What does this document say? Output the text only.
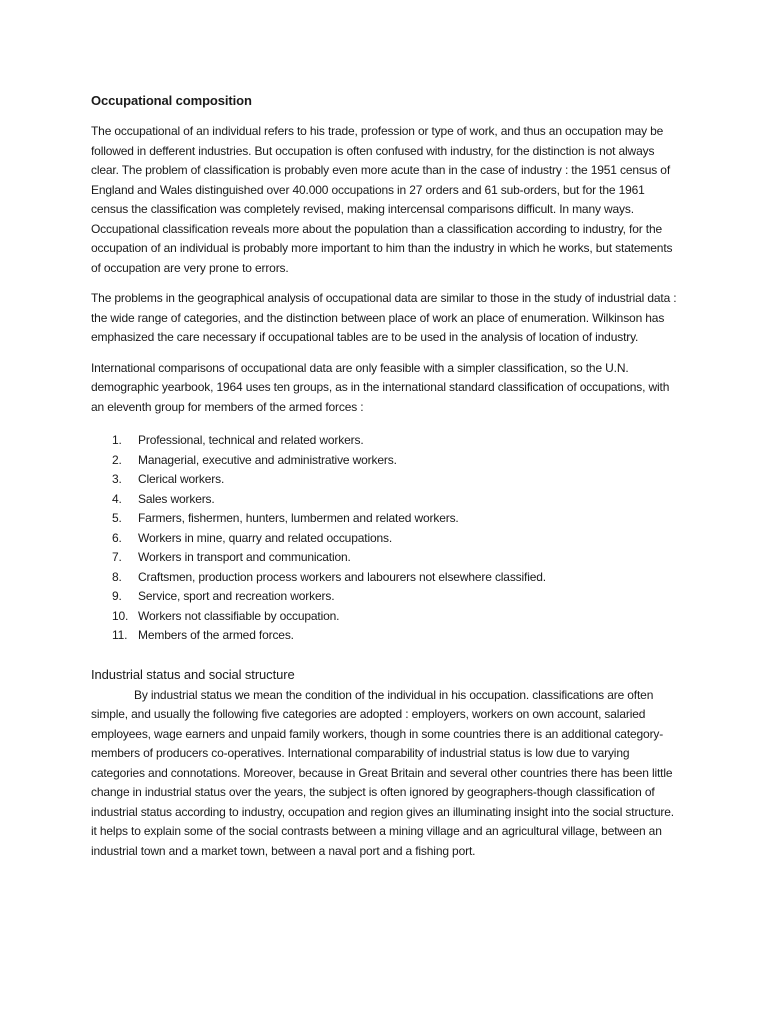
Occupational composition

The occupational of an individual refers to his trade, profession or type of work, and thus an occupation may be followed in defferent industries. But occupation is often confused with industry, for the distinction is not always clear. The problem of classification is probably even more acute than in the case of industry : the 1951 census of England and Wales distinguished over 40.000 occupations in 27 orders and 61 sub-orders, but for the 1961 census the classification was completely revised, making intercensal comparisons difficult. In many ways. Occupational classification reveals more about the population than a classification according to industry, for the occupation of an individual is probably more important to him than the industry in which he works, but statements of occupation are very prone to errors.

The problems in the geographical analysis of occupational data are similar to those in the study of industrial data : the wide range of categories, and the distinction between place of work an place of enumeration. Wilkinson has emphasized the care necessary if occupational tables are to be used in the analysis of location of industry.

International comparisons of occupational data are only feasible with a simpler classification, so the U.N. demographic yearbook, 1964 uses ten groups, as in the international standard classification of occupations, with an eleventh group for members of the armed forces :

1.	Professional, technical and related workers.
2.	Managerial, executive and administrative workers.
3.	Clerical workers.
4.	Sales workers.
5.	Farmers, fishermen, hunters, lumbermen and related workers.
6.	Workers in mine, quarry and related occupations.
7.	Workers in transport and communication.
8.	Craftsmen, production process workers and labourers not elsewhere classified.
9.	Service, sport and recreation workers.
10. Workers not classifiable by occupation.
11. Members of the armed forces.
Industrial status and social structure

By industrial status we mean the condition of the individual in his occupation. classifications are often simple, and usually the following five categories are adopted : employers, workers on own account, salaried employees, wage earners and unpaid family workers, though in some countries there is an additional category-members of producers co-operatives. International comparability of industrial status is low due to varying categories and connotations. Moreover, because in Great Britain and several other countries there has been little change in industrial status over the years, the subject is often ignored by geographers-though classification of industrial status according to industry, occupation and region gives an illuminating insight into the social structure. it helps to explain some of the social contrasts between a mining village and an agricultural village, between an industrial town and a market town, between a naval port and a fishing port.
